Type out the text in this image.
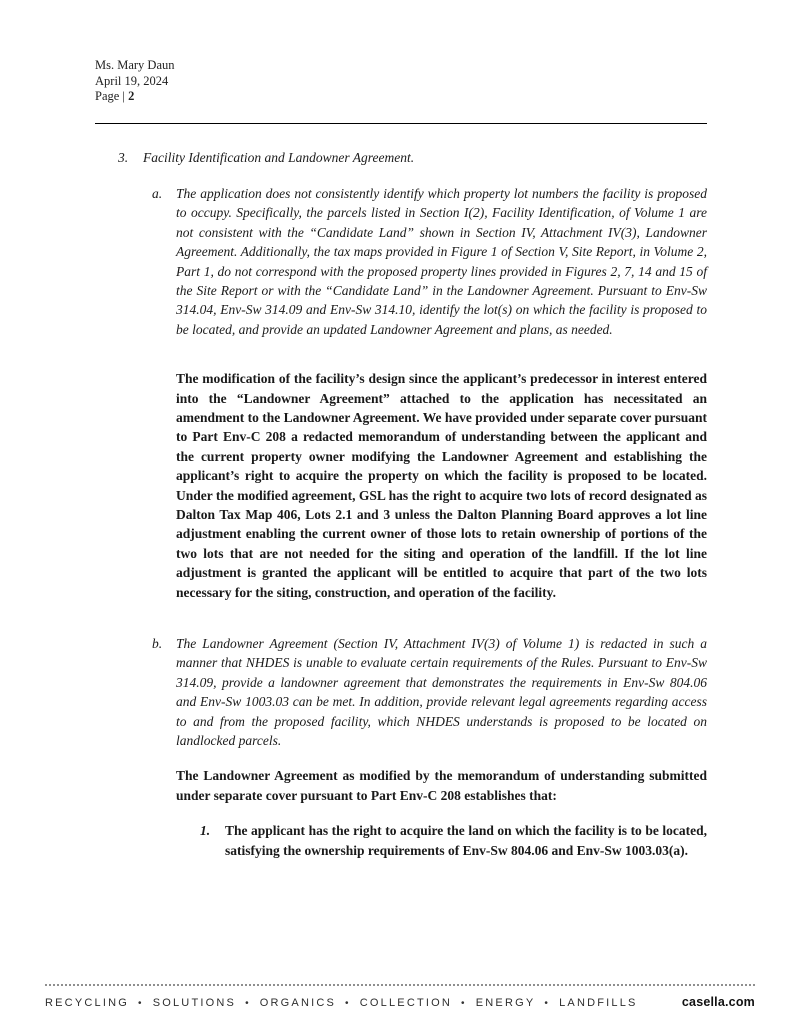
Ms. Mary Daun
April 19, 2024
Page | 2
3.	Facility Identification and Landowner Agreement.
a.	The application does not consistently identify which property lot numbers the facility is proposed to occupy. Specifically, the parcels listed in Section I(2), Facility Identification, of Volume 1 are not consistent with the “Candidate Land” shown in Section IV, Attachment IV(3), Landowner Agreement. Additionally, the tax maps provided in Figure 1 of Section V, Site Report, in Volume 2, Part 1, do not correspond with the proposed property lines provided in Figures 2, 7, 14 and 15 of the Site Report or with the “Candidate Land” in the Landowner Agreement. Pursuant to Env-Sw 314.04, Env-Sw 314.09 and Env-Sw 314.10, identify the lot(s) on which the facility is proposed to be located, and provide an updated Landowner Agreement and plans, as needed.

The modification of the facility’s design since the applicant’s predecessor in interest entered into the “Landowner Agreement” attached to the application has necessitated an amendment to the Landowner Agreement. We have provided under separate cover pursuant to Part Env-C 208 a redacted memorandum of understanding between the applicant and the current property owner modifying the Landowner Agreement and establishing the applicant’s right to acquire the property on which the facility is proposed to be located. Under the modified agreement, GSL has the right to acquire two lots of record designated as Dalton Tax Map 406, Lots 2.1 and 3 unless the Dalton Planning Board approves a lot line adjustment enabling the current owner of those lots to retain ownership of portions of the two lots that are not needed for the siting and operation of the landfill. If the lot line adjustment is granted the applicant will be entitled to acquire that part of the two lots necessary for the siting, construction, and operation of the facility.

b.	The Landowner Agreement (Section IV, Attachment IV(3) of Volume 1) is redacted in such a manner that NHDES is unable to evaluate certain requirements of the Rules. Pursuant to Env-Sw 314.09, provide a landowner agreement that demonstrates the requirements in Env-Sw 804.06 and Env-Sw 1003.03 can be met. In addition, provide relevant legal agreements regarding access to and from the proposed facility, which NHDES understands is proposed to be located on landlocked parcels.

The Landowner Agreement as modified by the memorandum of understanding submitted under separate cover pursuant to Part Env-C 208 establishes that:

1.	The applicant has the right to acquire the land on which the facility is to be located, satisfying the ownership requirements of Env-Sw 804.06 and Env-Sw 1003.03(a).

RECYCLING • SOLUTIONS • ORGANICS • COLLECTION • ENERGY • LANDFILLS	casella.com
